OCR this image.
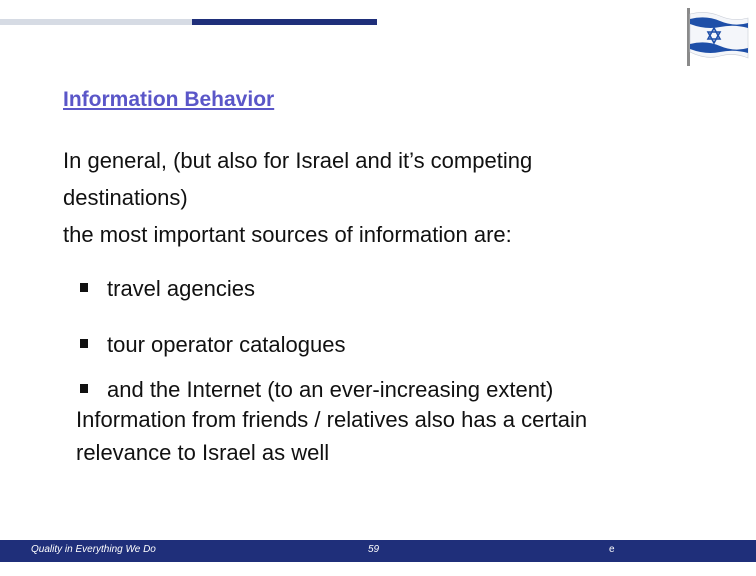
Information Behavior
In general, (but also for Israel and it’s competing
destinations)
the most important sources of information are:
travel agencies
tour operator catalogues
and the Internet (to an ever-increasing extent)
Information from friends / relatives also has a certain
relevance to Israel as well
Quality in Everything We Do	59	e
